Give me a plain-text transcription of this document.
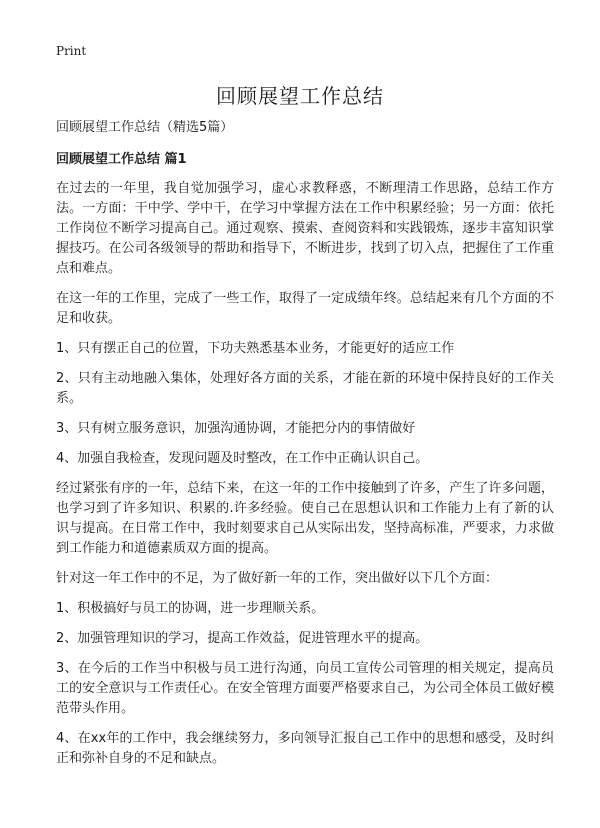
Print
回顾展望工作总结

回顾展望工作总结（精选5篇）

回顾展望工作总结 篇1

在过去的一年里，我自觉加强学习，虚心求教释惑，不断理清工作思路，总结工作方法。一方面：干中学、学中干，在学习中掌握方法在工作中积累经验；另一方面：依托工作岗位不断学习提高自己。通过观察、摸索、查阅资料和实践锻炼，逐步丰富知识掌握技巧。在公司各级领导的帮助和指导下，不断进步，找到了切入点，把握住了工作重点和难点。

在这一年的工作里，完成了一些工作，取得了一定成绩年终。总结起来有几个方面的不足和收获。

1、只有摆正自己的位置，下功夫熟悉基本业务，才能更好的适应工作

2、只有主动地融入集体，处理好各方面的关系，才能在新的环境中保持良好的工作关系。

3、只有树立服务意识，加强沟通协调，才能把分内的事情做好

4、加强自我检查，发现问题及时整改，在工作中正确认识自己。

经过紧张有序的一年，总结下来，在这一年的工作中接触到了许多，产生了许多问题，也学习到了许多知识、积累的.许多经验。使自己在思想认识和工作能力上有了新的认识与提高。在日常工作中，我时刻要求自己从实际出发，坚持高标准，严要求，力求做到工作能力和道德素质双方面的提高。

针对这一年工作中的不足，为了做好新一年的工作，突出做好以下几个方面：

1、积极搞好与员工的协调，进一步理顺关系。

2、加强管理知识的学习，提高工作效益，促进管理水平的提高。

3、在今后的工作当中积极与员工进行沟通，向员工宣传公司管理的相关规定，提高员工的安全意识与工作责任心。在安全管理方面要严格要求自己，为公司全体员工做好模范带头作用。

4、在xx年的工作中，我会继续努力，多向领导汇报自己工作中的思想和感受，及时纠正和弥补自身的不足和缺点。
